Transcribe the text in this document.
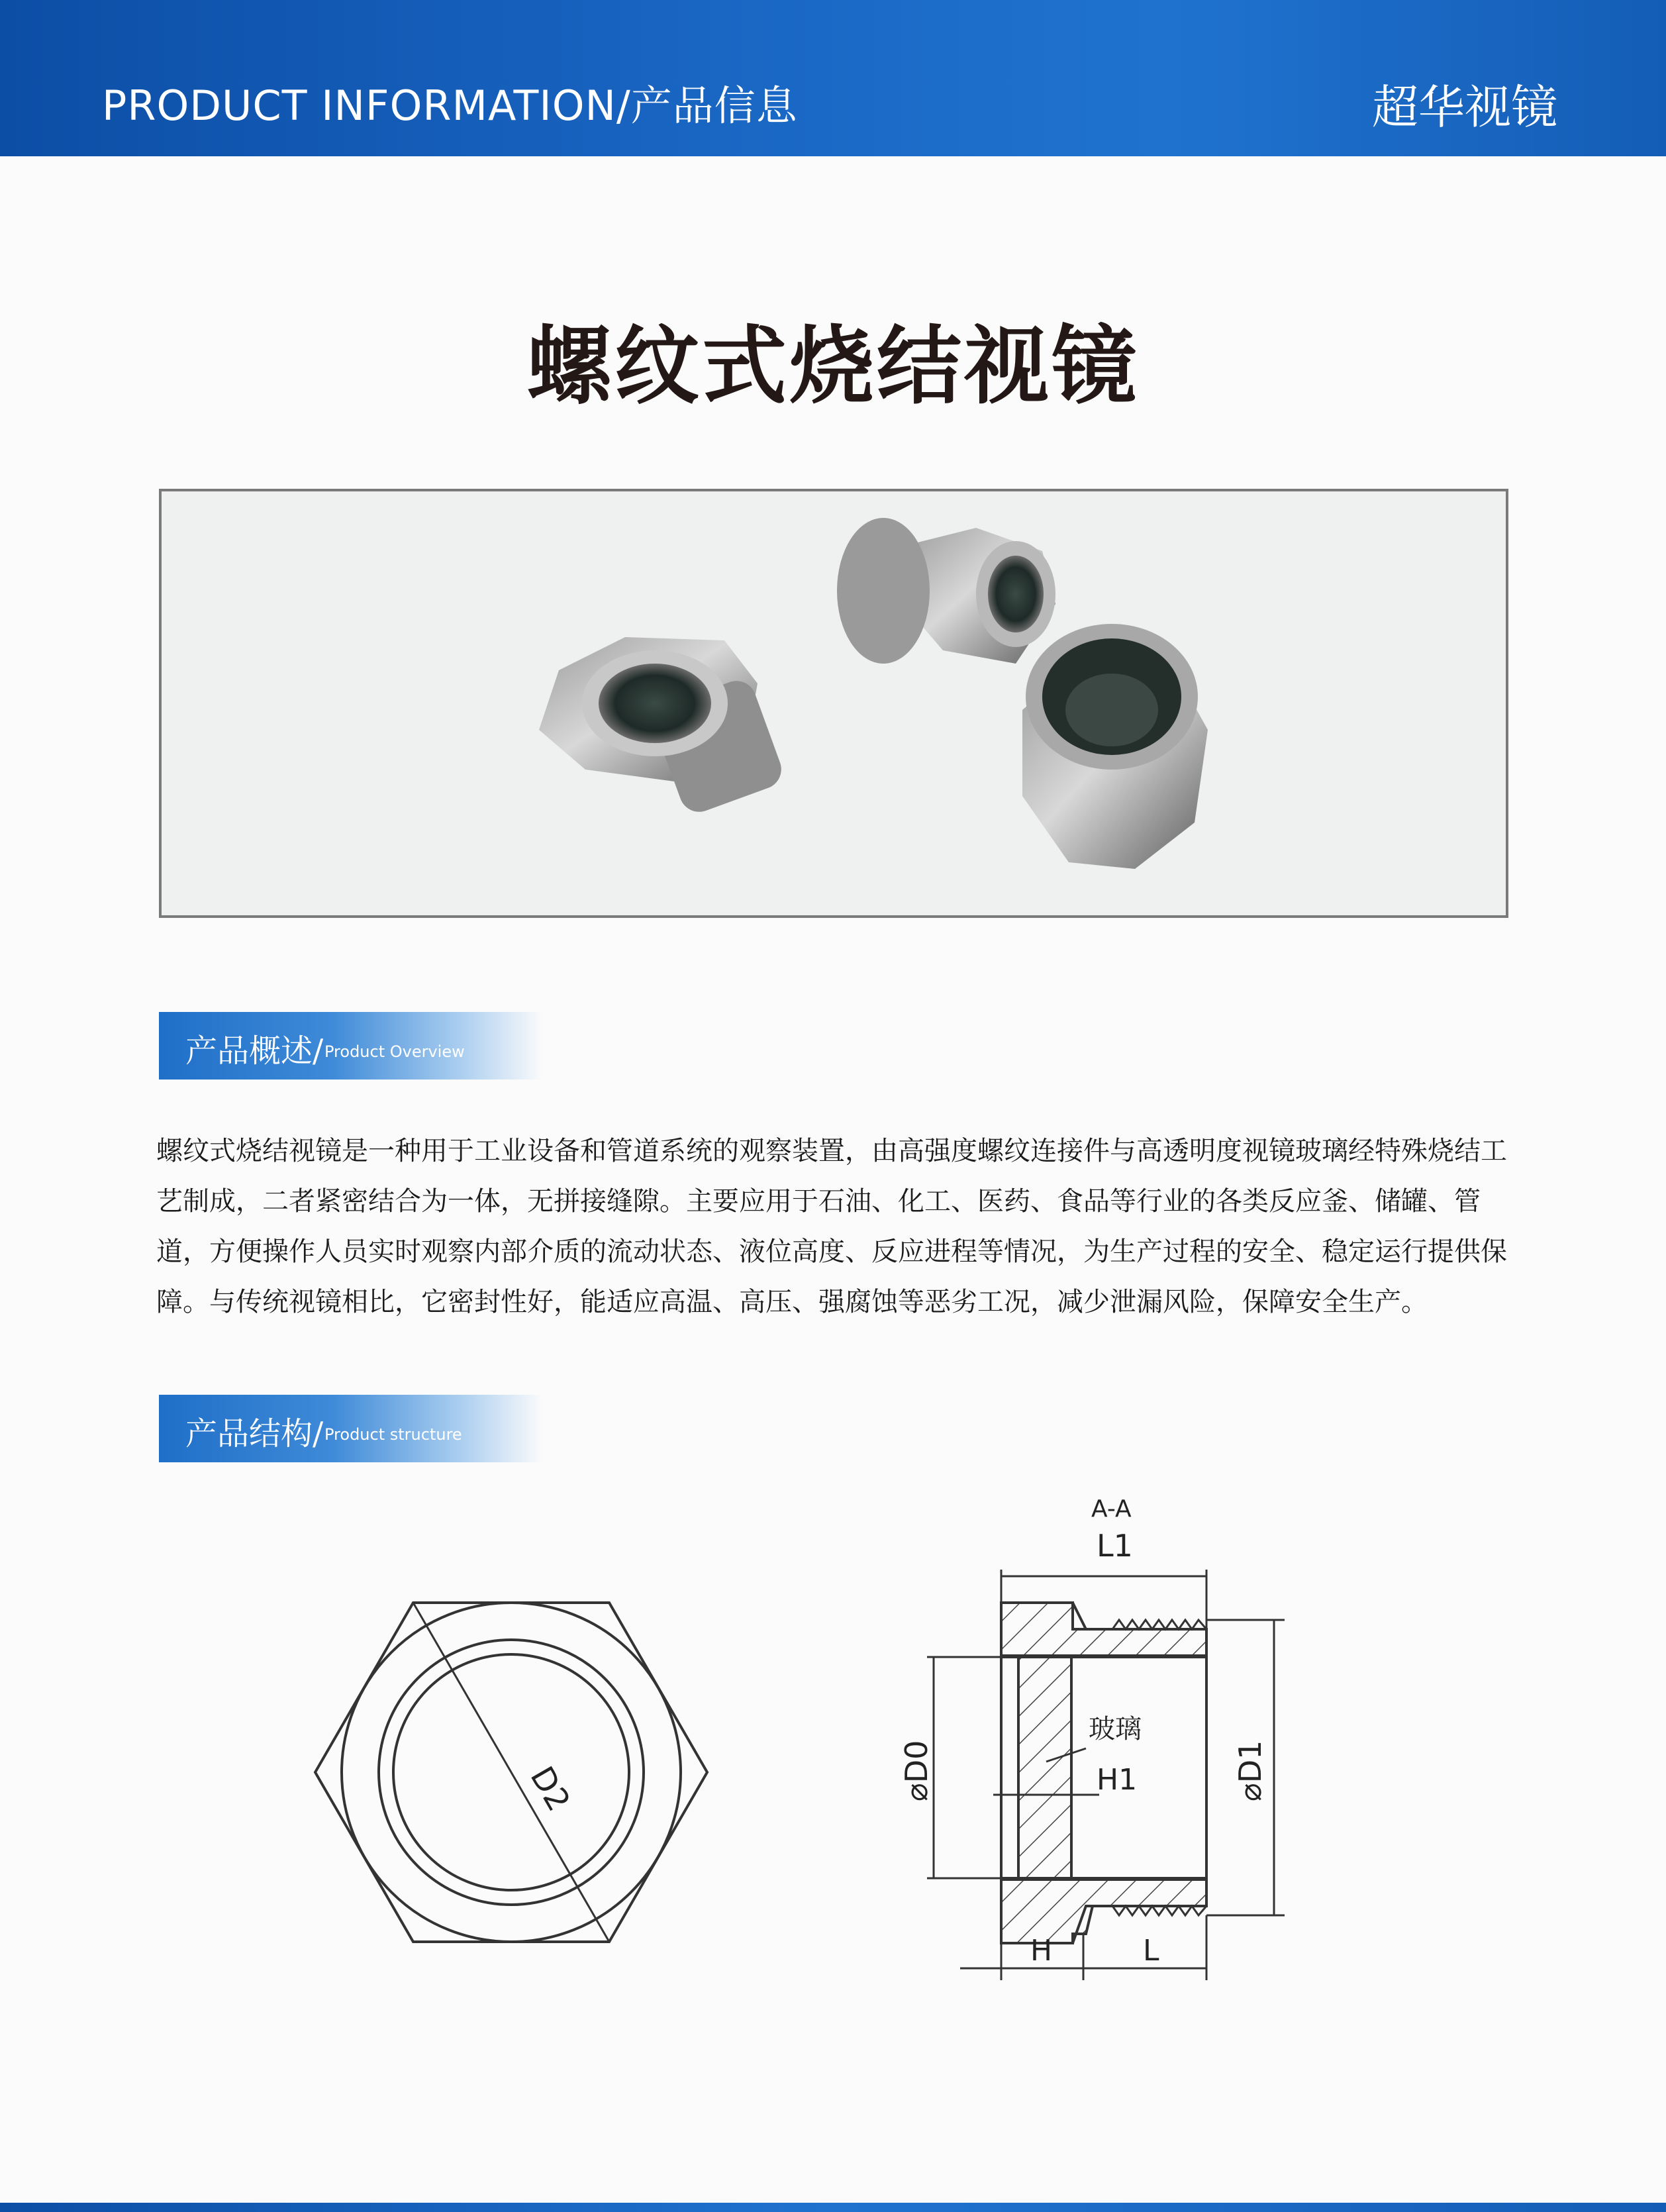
PRODUCT INFORMATION/产品信息	超华视镜
螺纹式烧结视镜
产品概述/ Product Overview
螺纹式烧结视镜是一种用于工业设备和管道系统的观察装置，由高强度螺纹连接件与高透明度视镜玻璃经特殊烧结工艺制成，二者紧密结合为一体，无拼接缝隙。主要应用于石油、化工、医药、食品等行业的各类反应釜、储罐、管道，方便操作人员实时观察内部介质的流动状态、液位高度、反应进程等情况，为生产过程的安全、稳定运行提供保障。与传统视镜相比，它密封性好，能适应高温、高压、强腐蚀等恶劣工况，减少泄漏风险，保障安全生产。
产品结构/ Product structure
D2
A-A
L1
⌀D0	⌀D1
玻璃
H1
H	L
